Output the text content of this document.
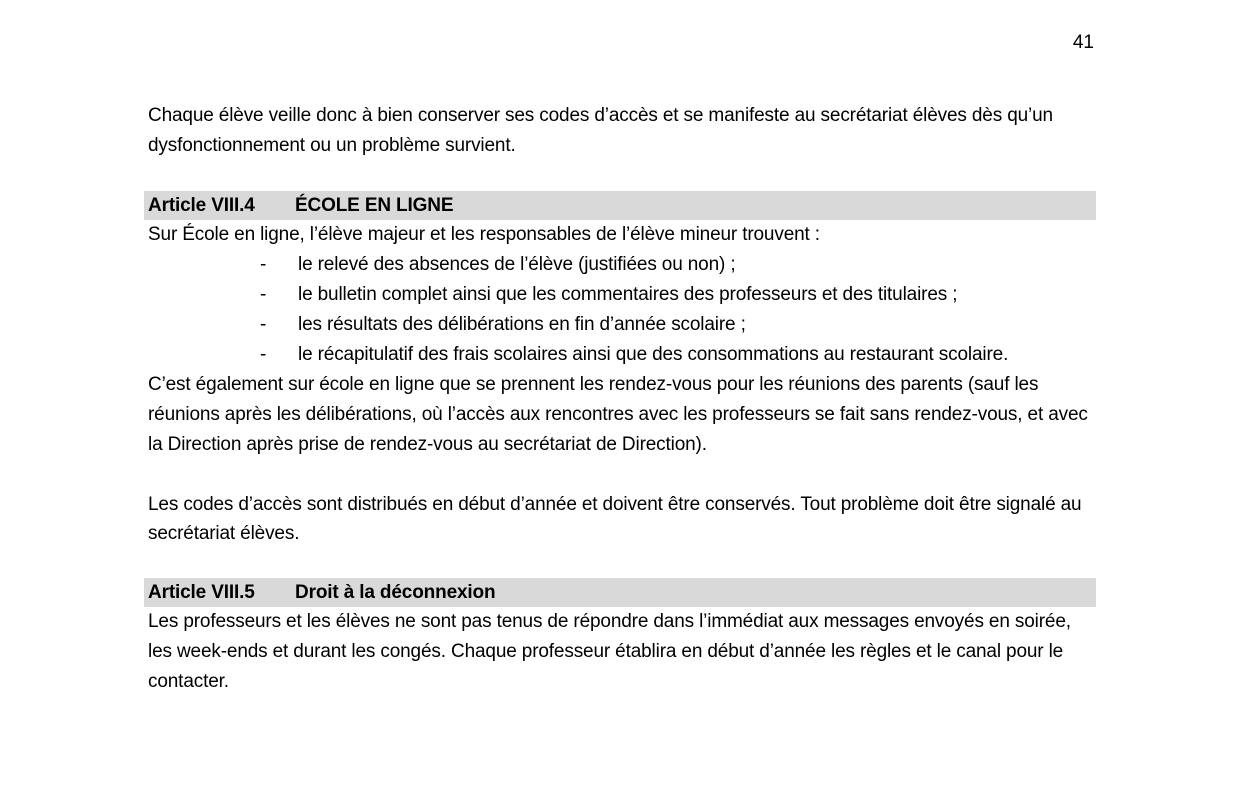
41

Chaque élève veille donc à bien conserver ses codes d’accès et se manifeste au secrétariat élèves dès qu’un dysfonctionnement ou un problème survient.

Article VIII.4 ÉCOLE EN LIGNE

Sur École en ligne, l’élève majeur et les responsables de l’élève mineur trouvent :

- le relevé des absences de l’élève (justifiées ou non) ;
- le bulletin complet ainsi que les commentaires des professeurs et des titulaires ;
- les résultats des délibérations en fin d’année scolaire ;
- le récapitulatif des frais scolaires ainsi que des consommations au restaurant scolaire.

C’est également sur école en ligne que se prennent les rendez-vous pour les réunions des parents (sauf les réunions après les délibérations, où l’accès aux rencontres avec les professeurs se fait sans rendez-vous, et avec la Direction après prise de rendez-vous au secrétariat de Direction).

Les codes d’accès sont distribués en début d’année et doivent être conservés. Tout problème doit être signalé au secrétariat élèves.

Article VIII.5 Droit à la déconnexion

Les professeurs et les élèves ne sont pas tenus de répondre dans l’immédiat aux messages envoyés en soirée, les week-ends et durant les congés. Chaque professeur établira en début d’année les règles et le canal pour le contacter.
